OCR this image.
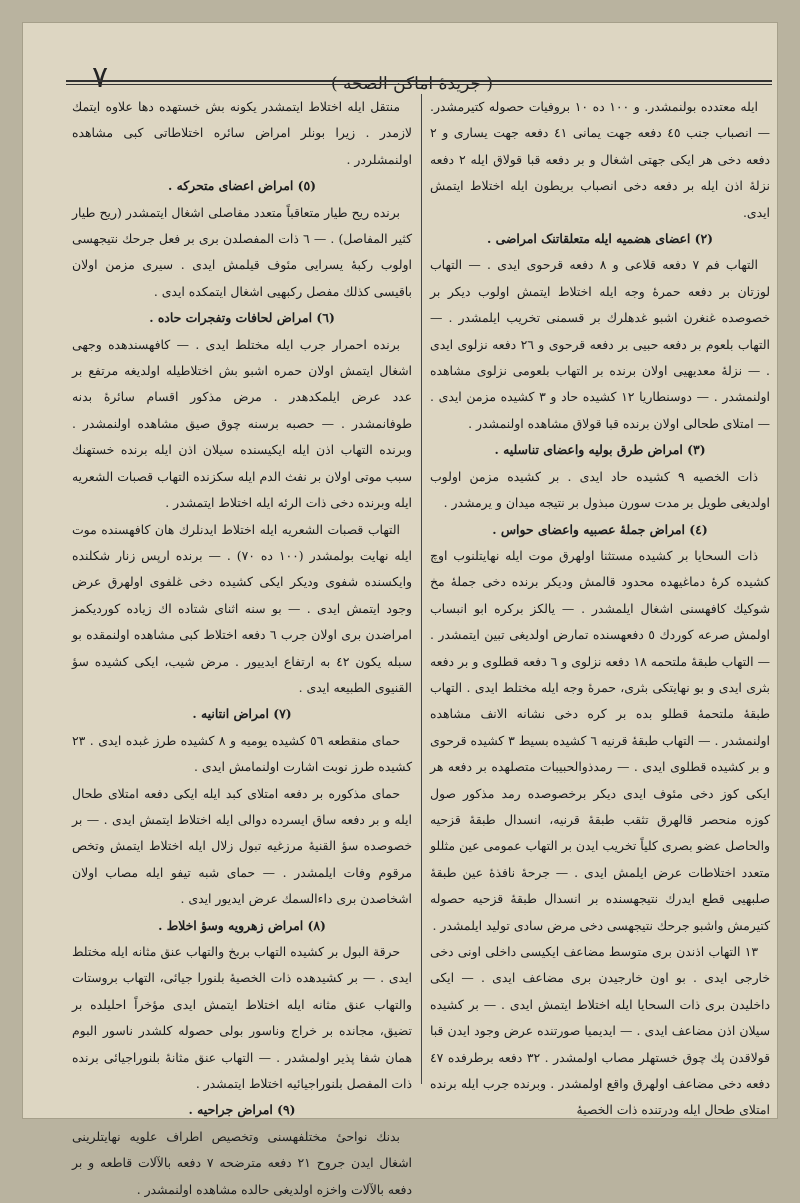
٧	( جريدهٔ اماكن الصحه )

ایله معتدده بولنمشدر. و ۱۰۰ ده ۱۰ بروفیات حصوله کتیرمشدر. — انصباب جنب ٤٥ دفعه جهت یمانی ٤١ دفعه جهت یساری و ۲ دفعه دخی هر ایکی جهتی اشغال و بر دفعه قبا قولاق ایله ۲ دفعه نزلهٔ اذن ایله بر دفعه دخی انصباب بریطون ایله اختلاط ایتمش ایدی.

(۲) اعضای هضمیه ایله متعلقاتنک امراضی .

التهاب فم ۷ دفعه قلاعی و ۸ دفعه قرحوی ایدی . — التهاب لوزتان بر دفعه حمرهٔ وجه ایله اختلاط ایتمش اولوب دیکر بر خصوصده غنغرن اشبو غدهلرك بر قسمنی تخریب ایلمشدر . — التهاب بلعوم بر دفعه حبیی بر دفعه قرحوی و ۲٦ دفعه نزلوی ایدی . — نزلهٔ معدیهیی اولان برنده بر التهاب بلعومی نزلوی مشاهده اولنمشدر . — دوسنطاریا ۱۲ کشیده حاد و ۳ کشیده مزمن ایدی . — امتلای طحالی اولان برنده قبا قولاق مشاهده اولنمشدر .

(۳) امراض طرق بولیه واعضای تناسلیه .

ذات الخصیه ۹ کشیده حاد ایدی . بر کشیده مزمن اولوب اولدیغی طویل بر مدت سورن مبذول بر نتیجه میدان و یرمشدر .

(٤) امراض جملهٔ عصبیه واعضای حواس .

ذات السحایا بر کشیده مستثنا اولهرق موت ایله نهایتلنوب اوچ کشیده کرهٔ دماغیهده محدود قالمش ودیکر برنده دخی جملهٔ مخ شوکیك کافهسنی اشغال ایلمشدر . — یالکز برکره ابو انبساب اولمش صرعه کوردك ٥ دفعهسنده تمارض اولدیغی تبین ایتمشدر . — التهاب طبقهٔ ملتحمه ۱۸ دفعه نزلوی و ٦ دفعه قطلوی و بر دفعه بثری ایدی و بو نهایتکی بثری، حمرهٔ وجه ایله مختلط ایدی . التهاب طبقهٔ ملتحمهٔ قطلو بده بر کره دخی نشانه الانف مشاهده اولنمشدر . — التهاب طبقهٔ قرنیه ٦ کشیده بسیط ۳ کشیده قرحوی و بر کشیده قطلوی ایدی . — رمدذوالحبیبات متصلهده بر دفعه هر ایکی کوز دخی مئوف ایدی دیکر برخصوصده رمد مذکور صول کوزه منحصر قالهرق تثقب طبقهٔ قرنیه، انسدال طبقهٔ قزحیه والحاصل عضو بصری کلیاً تخریب ایدن بر التهاب عمومی عین مثللو متعدد اختلاطات عرض ایلمش ایدی . — جرحهٔ نافذهٔ عین طبقهٔ صلبهیی قطع ایدرك نتیجهسنده بر انسدال طبقهٔ قزحیه حصوله کتیرمش واشبو جرحك نتیجهسی دخی مرض سادی تولید ایلمشدر .

۱۳ التهاب اذندن بری متوسط مضاعف ایکیسی داخلی اونی دخی خارجی ایدی . بو اون خارجیدن بری مضاعف ایدی . — ایکی داخلیدن بری ذات السحایا ایله اختلاط ایتمش ایدی . — بر کشیده سیلان اذن مضاعف ایدی . — ایدیمیا صورتنده عرض وجود ایدن قبا قولاقدن پك چوق خستهلر مصاب اولمشدر . ۳۲ دفعه برطرفده ٤٧ دفعه دخی مضاعف اولهرق واقع اولمشدر . وبرنده جرب ایله برنده امتلای طحال ایله ودرتنده ذات الخصیهٔ

منتقل ایله اختلاط ایتمشدر یکونه بش خستهده دها علاوه ایتمك لازمدر . زیرا بونلر امراض سائره اختلاطاتی کبی مشاهده اولنمشلردر .

(٥) امراض اعضای متحرکه .

برنده ریح طیار متعاقباً متعدد مفاصلی اشغال ایتمشدر (ریح طیار کثیر المفاصل) . — ٦ ذات المفصلدن بری بر فعل جرحك نتیجهسی اولوب رکبهٔ یسرایی مئوف قیلمش ایدی . سیری مزمن اولان باقیسی کذلك مفصل رکبهیی اشغال ایتمکده ایدی .

(٦) امراض لحافات وتفجرات حاده .

برنده احمرار جرب ایله مختلط ایدی . — کافهسندهده وجهی اشغال ایتمش اولان حمره اشبو بش اختلاطیله اولدیغه مرتفع بر عدد عرض ایلمکدهدر . مرض مذکور اقسام سائرهٔ بدنه طوفانمشدر . — حصبه برسنه چوق صیق مشاهده اولنمشدر . وبرنده التهاب اذن ایله ایکیسنده سیلان اذن ایله برنده خستهنك سبب موتی اولان بر نفث الدم ایله سکزنده التهاب قصبات الشعریه ایله وبرنده دخی ذات الرئه ایله اختلاط ایتمشدر .

التهاب قصبات الشعریه ایله اختلاط ایدنلرك هان کافهسنده موت ایله نهایت بولمشدر (۱۰۰ ده ۷۰) . — برنده ارپس زنار شکلنده وایکسنده شفوی ودیکر ایکی کشیده دخی غلفوی اولهرق عرض وجود ایتمش ایدی . — بو سنه اثنای شتاده اك زیاده کوردیکمز امراضدن بری اولان جرب ٦ دفعه اختلاط کبی مشاهده اولنمقده بو سبله یکون ٤٢ به ارتفاع ایدییور . مرض شیب، ایکی کشیده سؤ القنیوی الطبیعه ایدی .

(۷) امراض انتانیه .

حمای منقطعه ٥٦ کشیده یومیه و ۸ کشیده طرز غبده ایدی . ۲۳ کشیده طرز نوبت اشارت اولنمامش ایدی .

حمای مذکوره بر دفعه امتلای کبد ایله ایکی دفعه امتلای طحال ایله و بر دفعه ساق ایسرده دوالی ایله اختلاط ایتمش ایدی . — بر خصوصده سؤ القنیهٔ مرزغیه تبول زلال ایله اختلاط ایتمش وتخص مرقوم وفات ایلمشدر . — حمای شبه تیفو ایله مصاب اولان اشخاصدن بری داءالسمك عرض ایدیور ایدی .

(۸) امراض زهرویه وسؤ اخلاط .

حرقة البول بر کشیده التهاب بربخ والتهاب عنق مثانه ایله مختلط ایدی . — بر کشیدهده ذات الخصیهٔ بلنورا جیائی، التهاب بروستات والتهاب عنق مثانه ایله اختلاط ایتمش ایدی مؤخراً احلیلده بر تضیق، مجانده بر خراج وناسور بولی حصوله کلشدر ناسور البوم همان شفا پذیر اولمشدر . — التهاب عنق مثانهٔ بلنوراجیائی برنده ذات المفصل بلنوراجیائیه اختلاط ایتمشدر .

(۹) امراض جراحیه .

بدنك نواحیٔ مختلفهسنی وتخصیص اطراف علویه نهایتلرینی اشغال ایدن جروح ۲۱ دفعه مترضحه ۷ دفعه بالآلات قاطعه و بر دفعه بالآلات واخزه اولدیغی حالده مشاهده اولنمشدر .
